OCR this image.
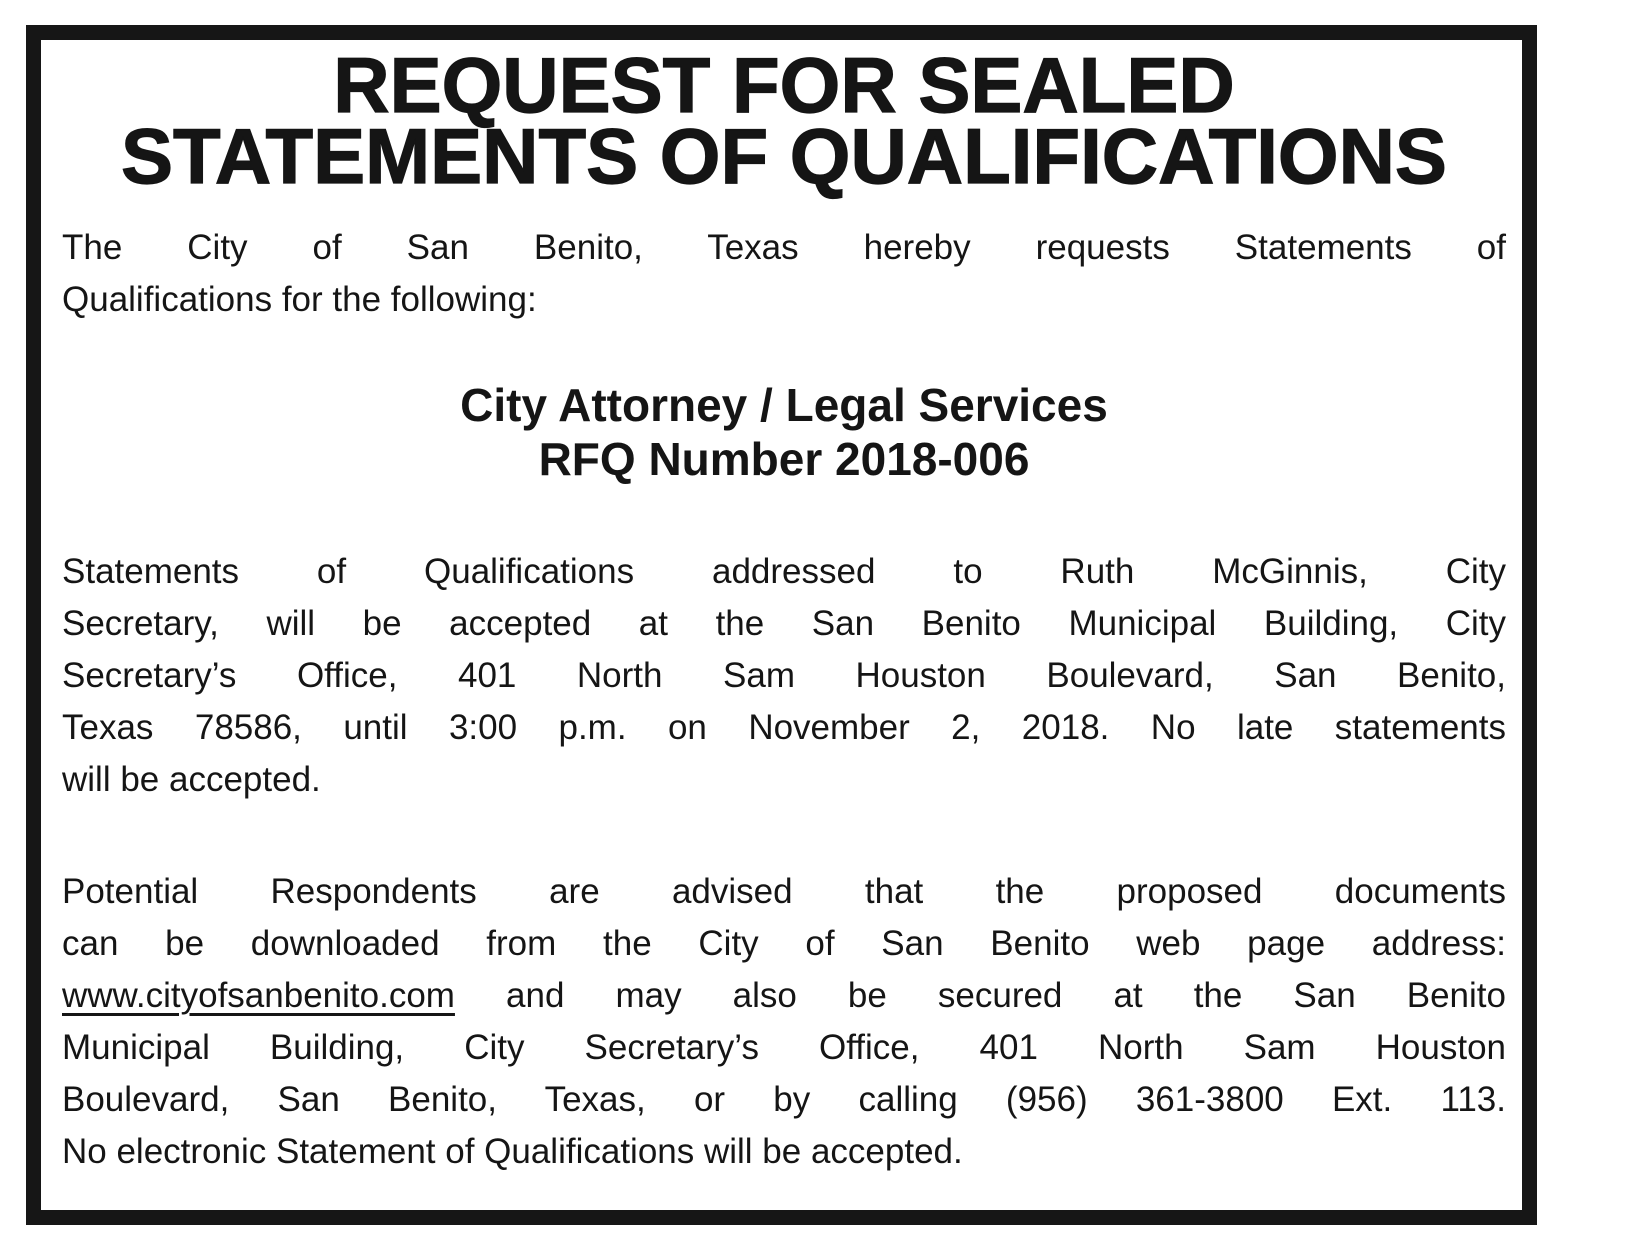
REQUEST FOR SEALED
STATEMENTS OF QUALIFICATIONS
The City of San Benito, Texas hereby requests Statements of
Qualifications for the following:
City Attorney / Legal Services
RFQ Number 2018-006
Statements of Qualifications addressed to Ruth McGinnis, City
Secretary, will be accepted at the San Benito Municipal Building, City
Secretary’s Office, 401 North Sam Houston Boulevard, San Benito,
Texas 78586, until 3:00 p.m. on November 2, 2018. No late statements
will be accepted.
Potential Respondents are advised that the proposed documents
can be downloaded from the City of San Benito web page address:
www.cityofsanbenito.com and may also be secured at the San Benito
Municipal Building, City Secretary’s Office, 401 North Sam Houston
Boulevard, San Benito, Texas, or by calling (956) 361-3800 Ext. 113.
No electronic Statement of Qualifications will be accepted.
